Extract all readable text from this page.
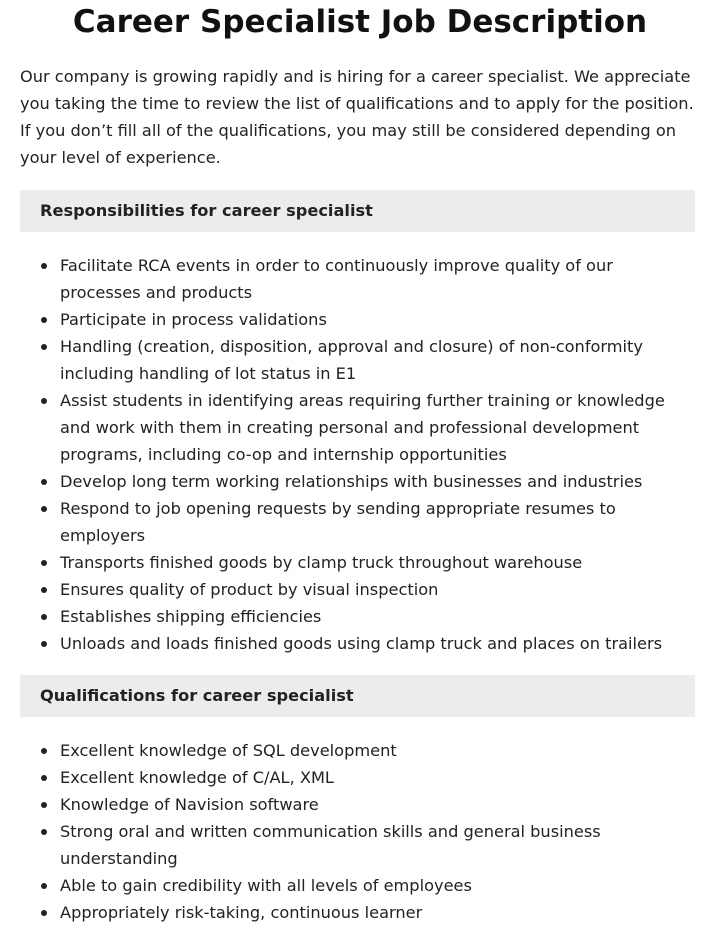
Career Specialist Job Description

Our company is growing rapidly and is hiring for a career specialist. We appreciate you taking the time to review the list of qualifications and to apply for the position. If you don’t fill all of the qualifications, you may still be considered depending on your level of experience.

Responsibilities for career specialist
Facilitate RCA events in order to continuously improve quality of our processes and products
Participate in process validations
Handling (creation, disposition, approval and closure) of non-conformity including handling of lot status in E1
Assist students in identifying areas requiring further training or knowledge and work with them in creating personal and professional development programs, including co-op and internship opportunities
Develop long term working relationships with businesses and industries
Respond to job opening requests by sending appropriate resumes to employers
Transports finished goods by clamp truck throughout warehouse
Ensures quality of product by visual inspection
Establishes shipping efficiencies
Unloads and loads finished goods using clamp truck and places on trailers
Qualifications for career specialist
Excellent knowledge of SQL development
Excellent knowledge of C/AL, XML
Knowledge of Navision software
Strong oral and written communication skills and general business understanding
Able to gain credibility with all levels of employees
Appropriately risk-taking, continuous learner
